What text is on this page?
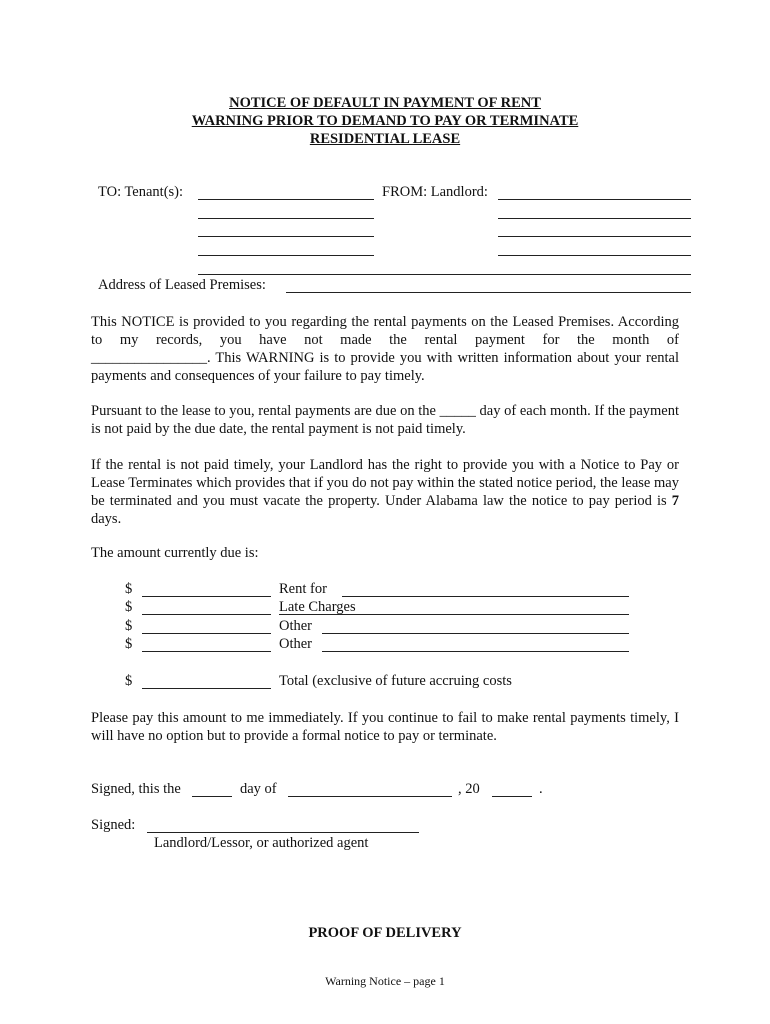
NOTICE OF DEFAULT IN PAYMENT OF RENT
WARNING PRIOR TO DEMAND TO PAY OR TERMINATE
RESIDENTIAL LEASE
TO: Tenant(s):	FROM: Landlord:
Address of Leased Premises:

This NOTICE is provided to you regarding the rental payments on the Leased Premises. According to my records, you have not made the rental payment for the month of

________________. This WARNING is to provide you with written information about your rental payments and consequences of your failure to pay timely.

Pursuant to the lease to you, rental payments are due on the _____ day of each month. If the payment is not paid by the due date, the rental payment is not paid timely.

If the rental is not paid timely, your Landlord has the right to provide you with a Notice to Pay or Lease Terminates which provides that if you do not pay within the stated notice period, the lease may be terminated and you must vacate the property. Under Alabama law the notice to pay period is 7 days.

The amount currently due is:
$	Rent for
$	Late Charges
$	Other
$	Other
$	Total (exclusive of future accruing costs

Please pay this amount to me immediately. If you continue to fail to make rental payments timely, I will have no option but to provide a formal notice to pay or terminate.

Signed, this the	day of	, 20	.
Signed:
Landlord/Lessor, or authorized agent
PROOF OF DELIVERY
Warning Notice – page 1
